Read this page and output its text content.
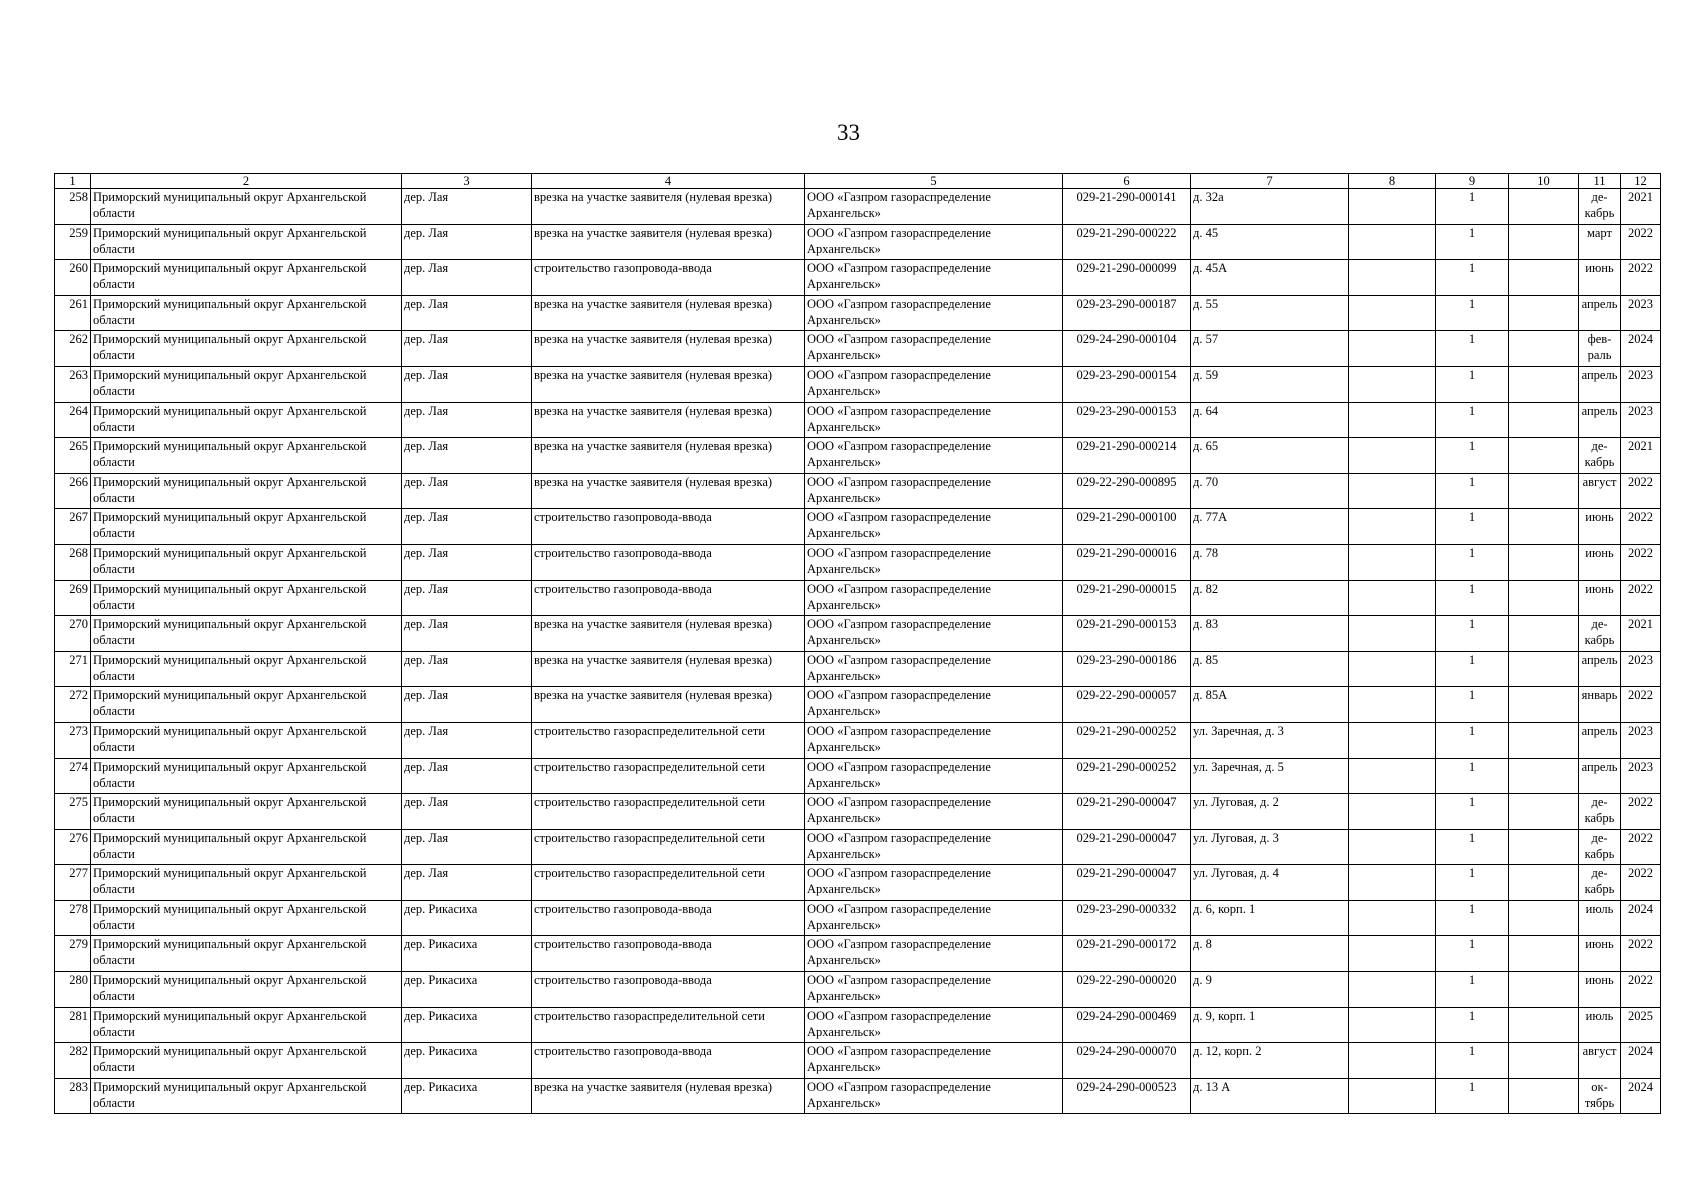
33
1	2	3	4	5	6	7	8	9	10	11	12
258	Приморский муниципальный округ Архангельской области	дер. Лая	врезка на участке заявителя (нулевая врезка)	ООО «Газпром газораспределение Архангельск»	029-21-290-000141	д. 32а		1		де-кабрь	2021
259	Приморский муниципальный округ Архангельской области	дер. Лая	врезка на участке заявителя (нулевая врезка)	ООО «Газпром газораспределение Архангельск»	029-21-290-000222	д. 45		1		март	2022
260	Приморский муниципальный округ Архангельской области	дер. Лая	строительство газопровода-ввода	ООО «Газпром газораспределение Архангельск»	029-21-290-000099	д. 45А		1		июнь	2022
261	Приморский муниципальный округ Архангельской области	дер. Лая	врезка на участке заявителя (нулевая врезка)	ООО «Газпром газораспределение Архангельск»	029-23-290-000187	д. 55		1		апрель	2023
262	Приморский муниципальный округ Архангельской области	дер. Лая	врезка на участке заявителя (нулевая врезка)	ООО «Газпром газораспределение Архангельск»	029-24-290-000104	д. 57		1		фев-раль	2024
263	Приморский муниципальный округ Архангельской области	дер. Лая	врезка на участке заявителя (нулевая врезка)	ООО «Газпром газораспределение Архангельск»	029-23-290-000154	д. 59		1		апрель	2023
264	Приморский муниципальный округ Архангельской области	дер. Лая	врезка на участке заявителя (нулевая врезка)	ООО «Газпром газораспределение Архангельск»	029-23-290-000153	д. 64		1		апрель	2023
265	Приморский муниципальный округ Архангельской области	дер. Лая	врезка на участке заявителя (нулевая врезка)	ООО «Газпром газораспределение Архангельск»	029-21-290-000214	д. 65		1		де-кабрь	2021
266	Приморский муниципальный округ Архангельской области	дер. Лая	врезка на участке заявителя (нулевая врезка)	ООО «Газпром газораспределение Архангельск»	029-22-290-000895	д. 70		1		август	2022
267	Приморский муниципальный округ Архангельской области	дер. Лая	строительство газопровода-ввода	ООО «Газпром газораспределение Архангельск»	029-21-290-000100	д. 77А		1		июнь	2022
268	Приморский муниципальный округ Архангельской области	дер. Лая	строительство газопровода-ввода	ООО «Газпром газораспределение Архангельск»	029-21-290-000016	д. 78		1		июнь	2022
269	Приморский муниципальный округ Архангельской области	дер. Лая	строительство газопровода-ввода	ООО «Газпром газораспределение Архангельск»	029-21-290-000015	д. 82		1		июнь	2022
270	Приморский муниципальный округ Архангельской области	дер. Лая	врезка на участке заявителя (нулевая врезка)	ООО «Газпром газораспределение Архангельск»	029-21-290-000153	д. 83		1		де-кабрь	2021
271	Приморский муниципальный округ Архангельской области	дер. Лая	врезка на участке заявителя (нулевая врезка)	ООО «Газпром газораспределение Архангельск»	029-23-290-000186	д. 85		1		апрель	2023
272	Приморский муниципальный округ Архангельской области	дер. Лая	врезка на участке заявителя (нулевая врезка)	ООО «Газпром газораспределение Архангельск»	029-22-290-000057	д. 85А		1		январь	2022
273	Приморский муниципальный округ Архангельской области	дер. Лая	строительство газораспределительной сети	ООО «Газпром газораспределение Архангельск»	029-21-290-000252	ул. Заречная, д. 3		1		апрель	2023
274	Приморский муниципальный округ Архангельской области	дер. Лая	строительство газораспределительной сети	ООО «Газпром газораспределение Архангельск»	029-21-290-000252	ул. Заречная, д. 5		1		апрель	2023
275	Приморский муниципальный округ Архангельской области	дер. Лая	строительство газораспределительной сети	ООО «Газпром газораспределение Архангельск»	029-21-290-000047	ул. Луговая, д. 2		1		де-кабрь	2022
276	Приморский муниципальный округ Архангельской области	дер. Лая	строительство газораспределительной сети	ООО «Газпром газораспределение Архангельск»	029-21-290-000047	ул. Луговая, д. 3		1		де-кабрь	2022
277	Приморский муниципальный округ Архангельской области	дер. Лая	строительство газораспределительной сети	ООО «Газпром газораспределение Архангельск»	029-21-290-000047	ул. Луговая, д. 4		1		де-кабрь	2022
278	Приморский муниципальный округ Архангельской области	дер. Рикасиха	строительство газопровода-ввода	ООО «Газпром газораспределение Архангельск»	029-23-290-000332	д. 6, корп. 1		1		июль	2024
279	Приморский муниципальный округ Архангельской области	дер. Рикасиха	строительство газопровода-ввода	ООО «Газпром газораспределение Архангельск»	029-21-290-000172	д. 8		1		июнь	2022
280	Приморский муниципальный округ Архангельской области	дер. Рикасиха	строительство газопровода-ввода	ООО «Газпром газораспределение Архангельск»	029-22-290-000020	д. 9		1		июнь	2022
281	Приморский муниципальный округ Архангельской области	дер. Рикасиха	строительство газораспределительной сети	ООО «Газпром газораспределение Архангельск»	029-24-290-000469	д. 9, корп. 1		1		июль	2025
282	Приморский муниципальный округ Архангельской области	дер. Рикасиха	строительство газопровода-ввода	ООО «Газпром газораспределение Архангельск»	029-24-290-000070	д. 12, корп. 2		1		август	2024
283	Приморский муниципальный округ Архангельской области	дер. Рикасиха	врезка на участке заявителя (нулевая врезка)	ООО «Газпром газораспределение Архангельск»	029-24-290-000523	д. 13 А		1		ок-тябрь	2024
